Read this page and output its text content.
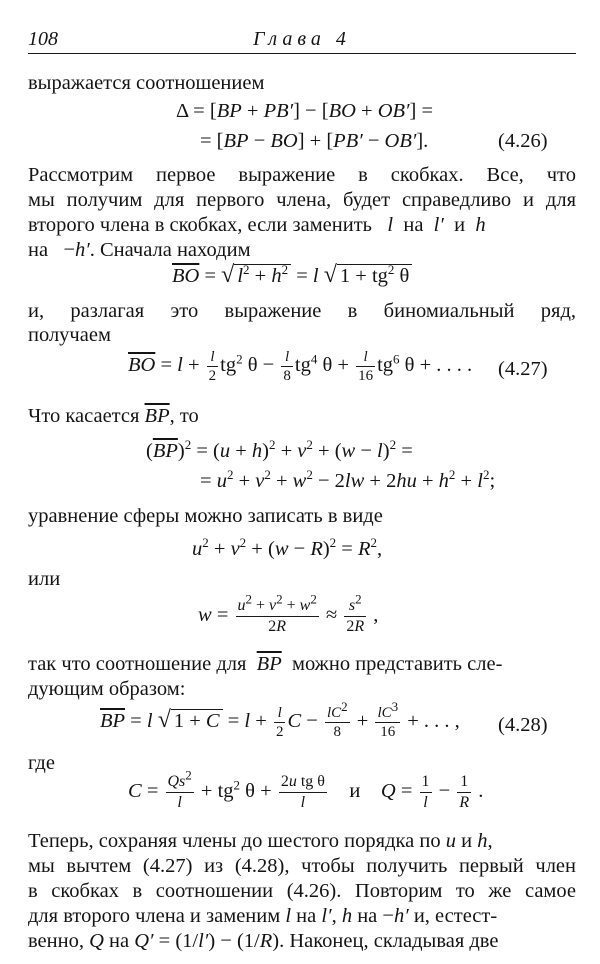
108	Глава 4
выражается соотношением
Δ = [BP + PB′] − [BO + OB′] =
= [BP − BO] + [PB′ − OB′].	(4.26)
Рассмотрим первое выражение в скобках. Все, что
мы получим для первого члена, будет справедливо и для
второго члена в скобках, если заменить   l на l′ и h
на   −h′. Сначала находим
$\overline{BO}$ = √ $l^2 + h^2 = l$ √ $1 + tg^2$ θ
и, разлагая это выражение в биномиальный ряд,
получаем
$\overline{BO} = l + \frac{l}{2} tg^2$ $\theta - \frac{l}{8} tg^4$ $\theta + \frac{l}{16} tg^6$ θ + . . . . (4.27)
Что касается $\overline{BP}$, то
$(\overline{BP})^2 = (u + h)^2 + v^2 + (w - l)^2$ =
= $u^2 + v^2 + w^2 - 2lw + 2hu + h^2 + l^2$;
уравнение сферы можно записать в виде
$u^2 + v^2 + (w - R)^2 = R^2$,
или
$w = \frac{u^2 + v^2 + w^2}{2R} \approx \frac{s^2}{2R}$ ,
так что соотношение для $\overline{BP}$ можно представить сле-
дующим образом:
$\overline{BP} = l$ √ $1 + C = l + \frac{l}{2}$ $C - \frac{lC^2}{8} + \frac{lC^3}{16}$ + . . . , (4.28)
где
$C = \frac{Qs^2}{l} + tg^2$ $\theta + \frac{\text{2u tg θ}}{l}$ и $Q = \frac{1}{l} - \frac{1}{R}$ .
Теперь, сохраняя члены до шестого порядка по u и h,
мы вычтем (4.27) из (4.28), чтобы получить первый член
в скобках в соотношении (4.26). Повторим то же самое
для второго члена и заменим l на l′, h на −h′ и, естест-
венно, Q на Q′ = (1/l′) − (1/R). Наконец, складывая две
